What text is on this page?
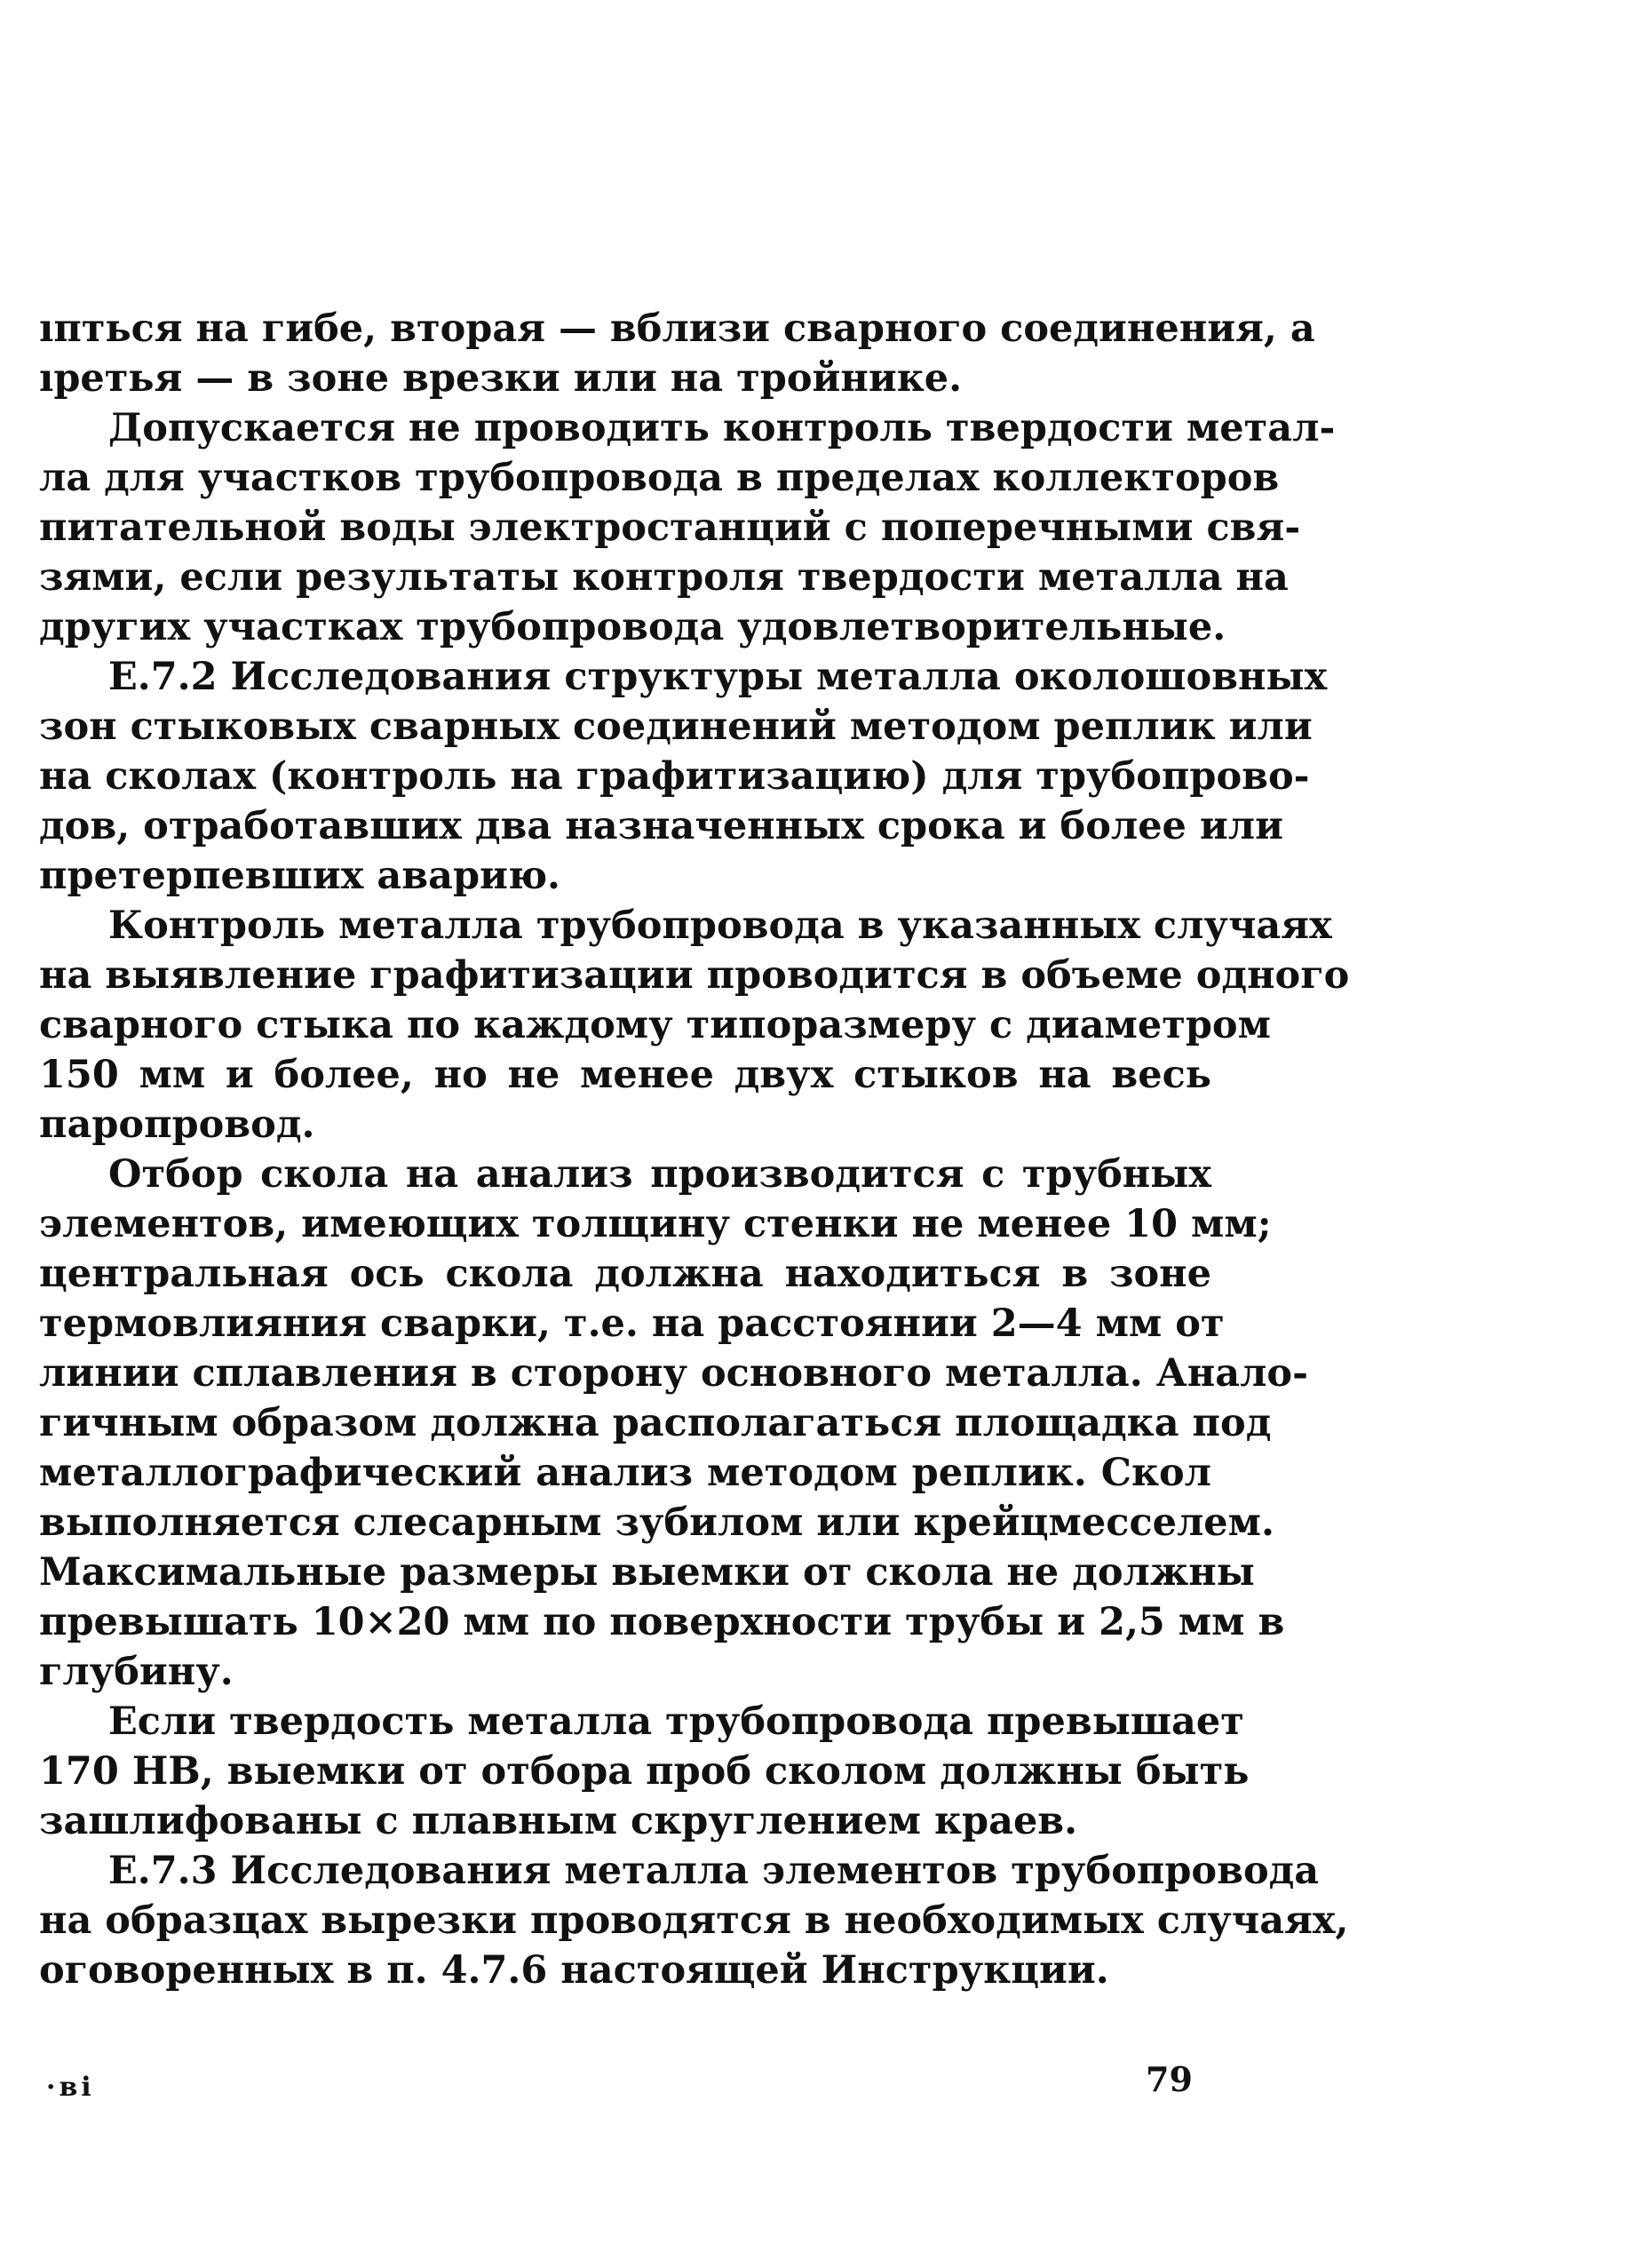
ıпться на гибе, вторая — вблизи сварного соединения, а
ıретья — в зоне врезки или на тройнике.
Допускается не проводить контроль твердости метал-
ла для участков трубопровода в пределах коллекторов
питательной воды электростанций с поперечными свя-
зями, если результаты контроля твердости металла на
других участках трубопровода удовлетворительные.
Е.7.2 Исследования структуры металла околошовных
зон стыковых сварных соединений методом реплик или
на сколах (контроль на графитизацию) для трубопрово-
дов, отработавших два назначенных срока и более или
претерпевших аварию.
Контроль металла трубопровода в указанных случаях
на выявление графитизации проводится в объеме одного
сварного стыка по каждому типоразмеру с диаметром
150 мм и более, но не менее двух стыков на весь
паропровод.
Отбор скола на анализ производится с трубных
элементов, имеющих толщину стенки не менее 10 мм;
центральная ось скола должна находиться в зоне
термовлияния сварки, т.е. на расстоянии 2—4 мм от
линии сплавления в сторону основного металла. Анало-
гичным образом должна располагаться площадка под
металлографический анализ методом реплик. Скол
выполняется слесарным зубилом или крейцмесселем.
Максимальные размеры выемки от скола не должны
превышать 10×20 мм по поверхности трубы и 2,5 мм в
глубину.
Если твердость металла трубопровода превышает
170 НВ, выемки от отбора проб сколом должны быть
зашлифованы с плавным скруглением краев.
Е.7.3 Исследования металла элементов трубопровода
на образцах вырезки проводятся в необходимых случаях,
оговоренных в п. 4.7.6 настоящей Инструкции.
·ві	79
